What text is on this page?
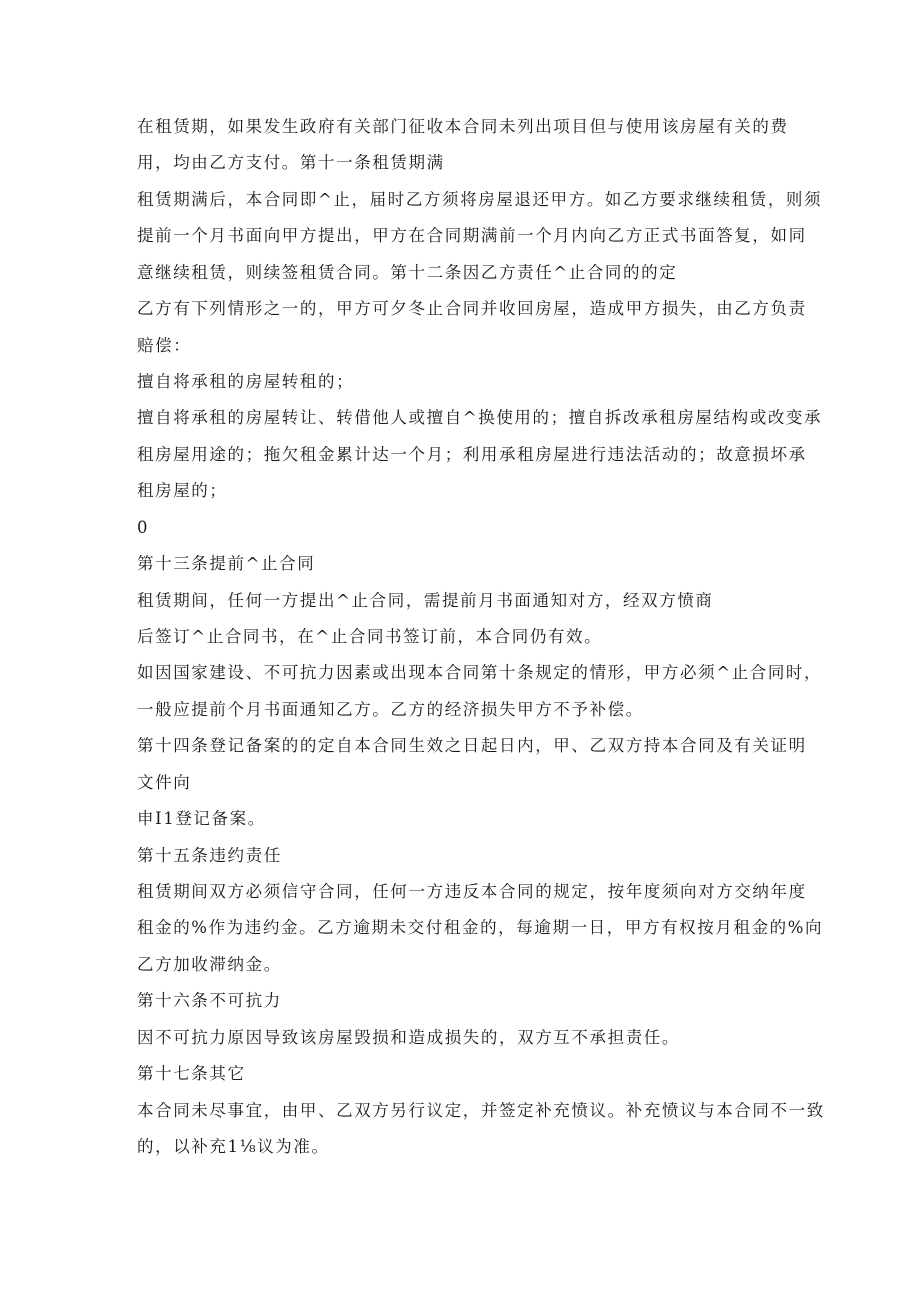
在租赁期，如果发生政府有关部门征收本合同未列出项目但与使用该房屋有关的费
用，均由乙方支付。第十一条租赁期满
租赁期满后，本合同即^止，届时乙方须将房屋退还甲方。如乙方要求继续租赁，则须
提前一个月书面向甲方提出，甲方在合同期满前一个月内向乙方正式书面答复，如同
意继续租赁，则续签租赁合同。第十二条因乙方责任^止合同的的定
乙方有下列情形之一的，甲方可夕冬止合同并收回房屋，造成甲方损失，由乙方负责
赔偿：
擅自将承租的房屋转租的；
擅自将承租的房屋转让、转借他人或擅自^换使用的；擅自拆改承租房屋结构或改变承
租房屋用途的；拖欠租金累计达一个月；利用承租房屋进行违法活动的；故意损坏承
租房屋的；
0
第十三条提前^止合同
租赁期间，任何一方提出^止合同，需提前月书面通知对方，经双方愤商
后签订^止合同书，在^止合同书签订前，本合同仍有效。
如因国家建设、不可抗力因素或出现本合同第十条规定的情形，甲方必须^止合同时，
一般应提前个月书面通知乙方。乙方的经济损失甲方不予补偿。
第十四条登记备案的的定自本合同生效之日起日内，甲、乙双方持本合同及有关证明
文件向
申I1登记备案。
第十五条违约责任
租赁期间双方必须信守合同，任何一方违反本合同的规定，按年度须向对方交纳年度
租金的%作为违约金。乙方逾期未交付租金的，每逾期一日，甲方有权按月租金的%向
乙方加收滞纳金。
第十六条不可抗力
因不可抗力原因导致该房屋毁损和造成损失的，双方互不承担责任。
第十七条其它
本合同未尽事宜，由甲、乙双方另行议定，并签定补充愤议。补充愤议与本合同不一致
的，以补充1⅛议为准。
